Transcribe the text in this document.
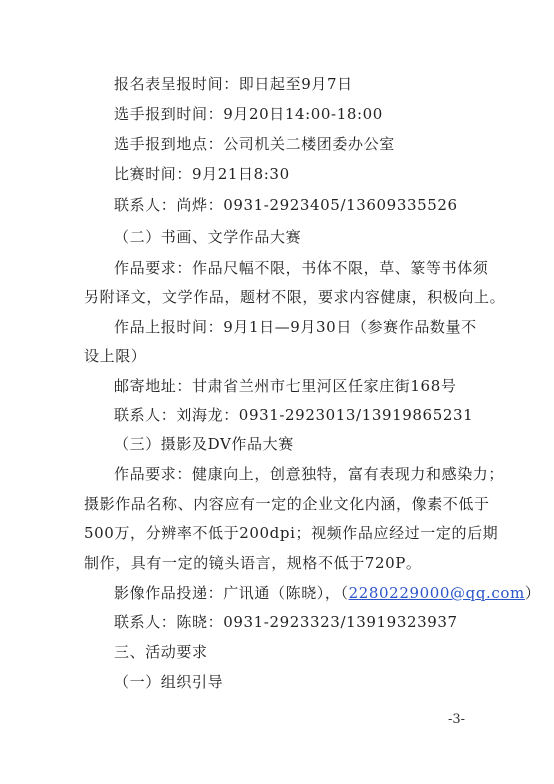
报名表呈报时间：即日起至9月7日
选手报到时间：9月20日14:00-18:00
选手报到地点：公司机关二楼团委办公室
比赛时间：9月21日8:30
联系人：尚烨：0931-2923405/13609335526
（二）书画、文学作品大赛
作品要求：作品尺幅不限，书体不限，草、篆等书体须
另附译文，文学作品，题材不限，要求内容健康，积极向上。
作品上报时间：9月1日—9月30日（参赛作品数量不
设上限）
邮寄地址：甘肃省兰州市七里河区任家庄街168号
联系人：刘海龙：0931-2923013/13919865231
（三）摄影及DV作品大赛
作品要求：健康向上，创意独特，富有表现力和感染力；
摄影作品名称、内容应有一定的企业文化内涵，像素不低于
500万，分辨率不低于200dpi；视频作品应经过一定的后期
制作，具有一定的镜头语言，规格不低于720P。
影像作品投递：广讯通（陈晓），（2280229000@qq.com）
联系人：陈晓：0931-2923323/13919323937
三、活动要求
（一）组织引导
-3-
